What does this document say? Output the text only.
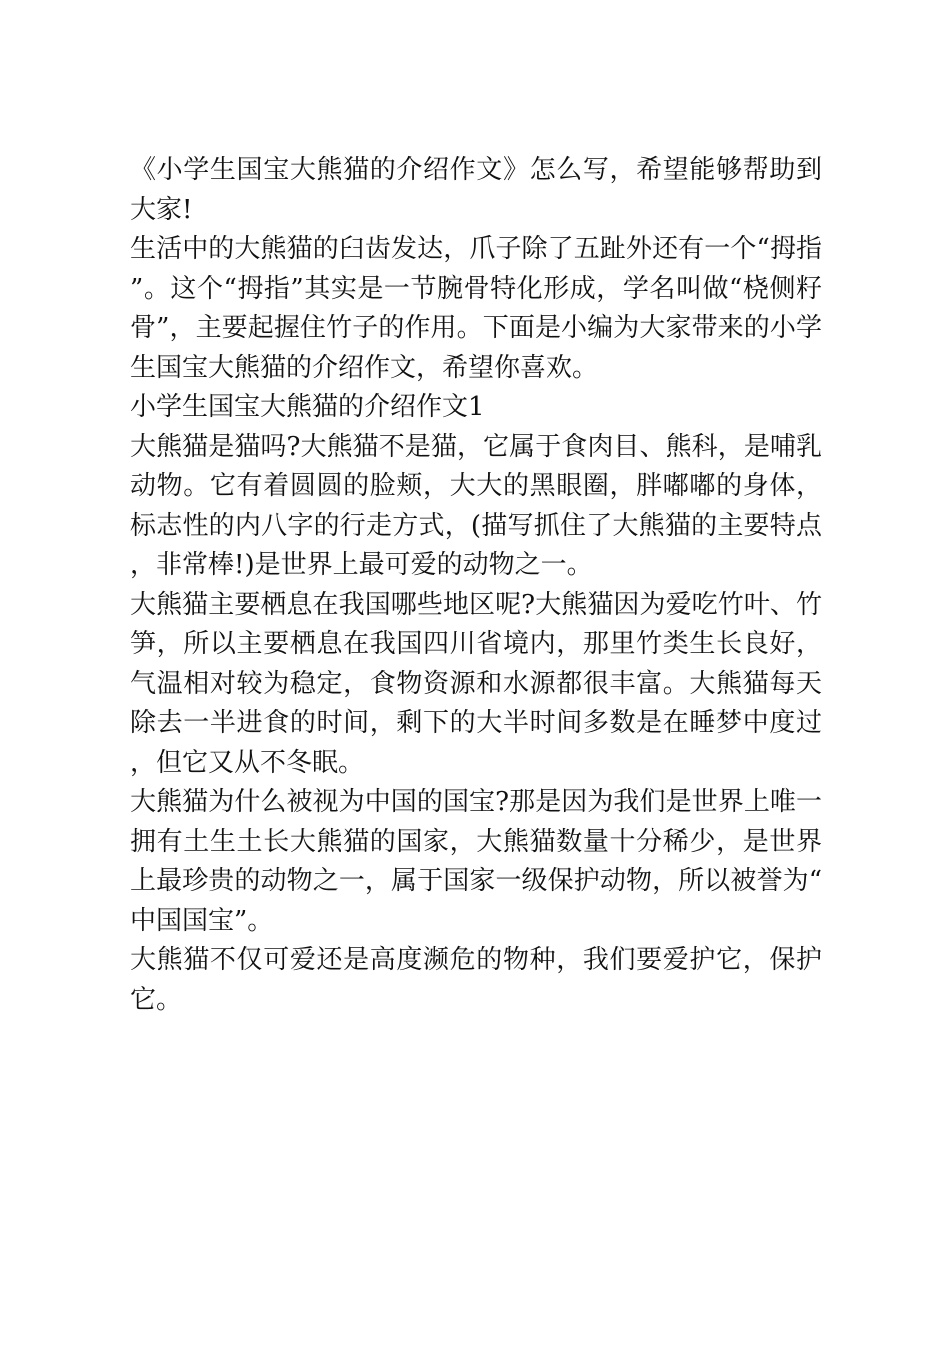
《小学生国宝大熊猫的介绍作文》怎么写，希望能够帮助到大家!

生活中的大熊猫的臼齿发达，爪子除了五趾外还有一个“拇指”。这个“拇指”其实是一节腕骨特化形成，学名叫做“桡侧籽骨”，主要起握住竹子的作用。下面是小编为大家带来的小学生国宝大熊猫的介绍作文，希望你喜欢。

小学生国宝大熊猫的介绍作文1

大熊猫是猫吗?大熊猫不是猫，它属于食肉目、熊科，是哺乳动物。它有着圆圆的脸颊，大大的黑眼圈，胖嘟嘟的身体，标志性的内八字的行走方式，(描写抓住了大熊猫的主要特点，非常棒!)是世界上最可爱的动物之一。

大熊猫主要栖息在我国哪些地区呢?大熊猫因为爱吃竹叶、竹笋，所以主要栖息在我国四川省境内，那里竹类生长良好，气温相对较为稳定，食物资源和水源都很丰富。大熊猫每天除去一半进食的时间，剩下的大半时间多数是在睡梦中度过，但它又从不冬眠。

大熊猫为什么被视为中国的国宝?那是因为我们是世界上唯一拥有土生土长大熊猫的国家，大熊猫数量十分稀少，是世界上最珍贵的动物之一，属于国家一级保护动物，所以被誉为“中国国宝”。

大熊猫不仅可爱还是高度濒危的物种，我们要爱护它，保护它。
